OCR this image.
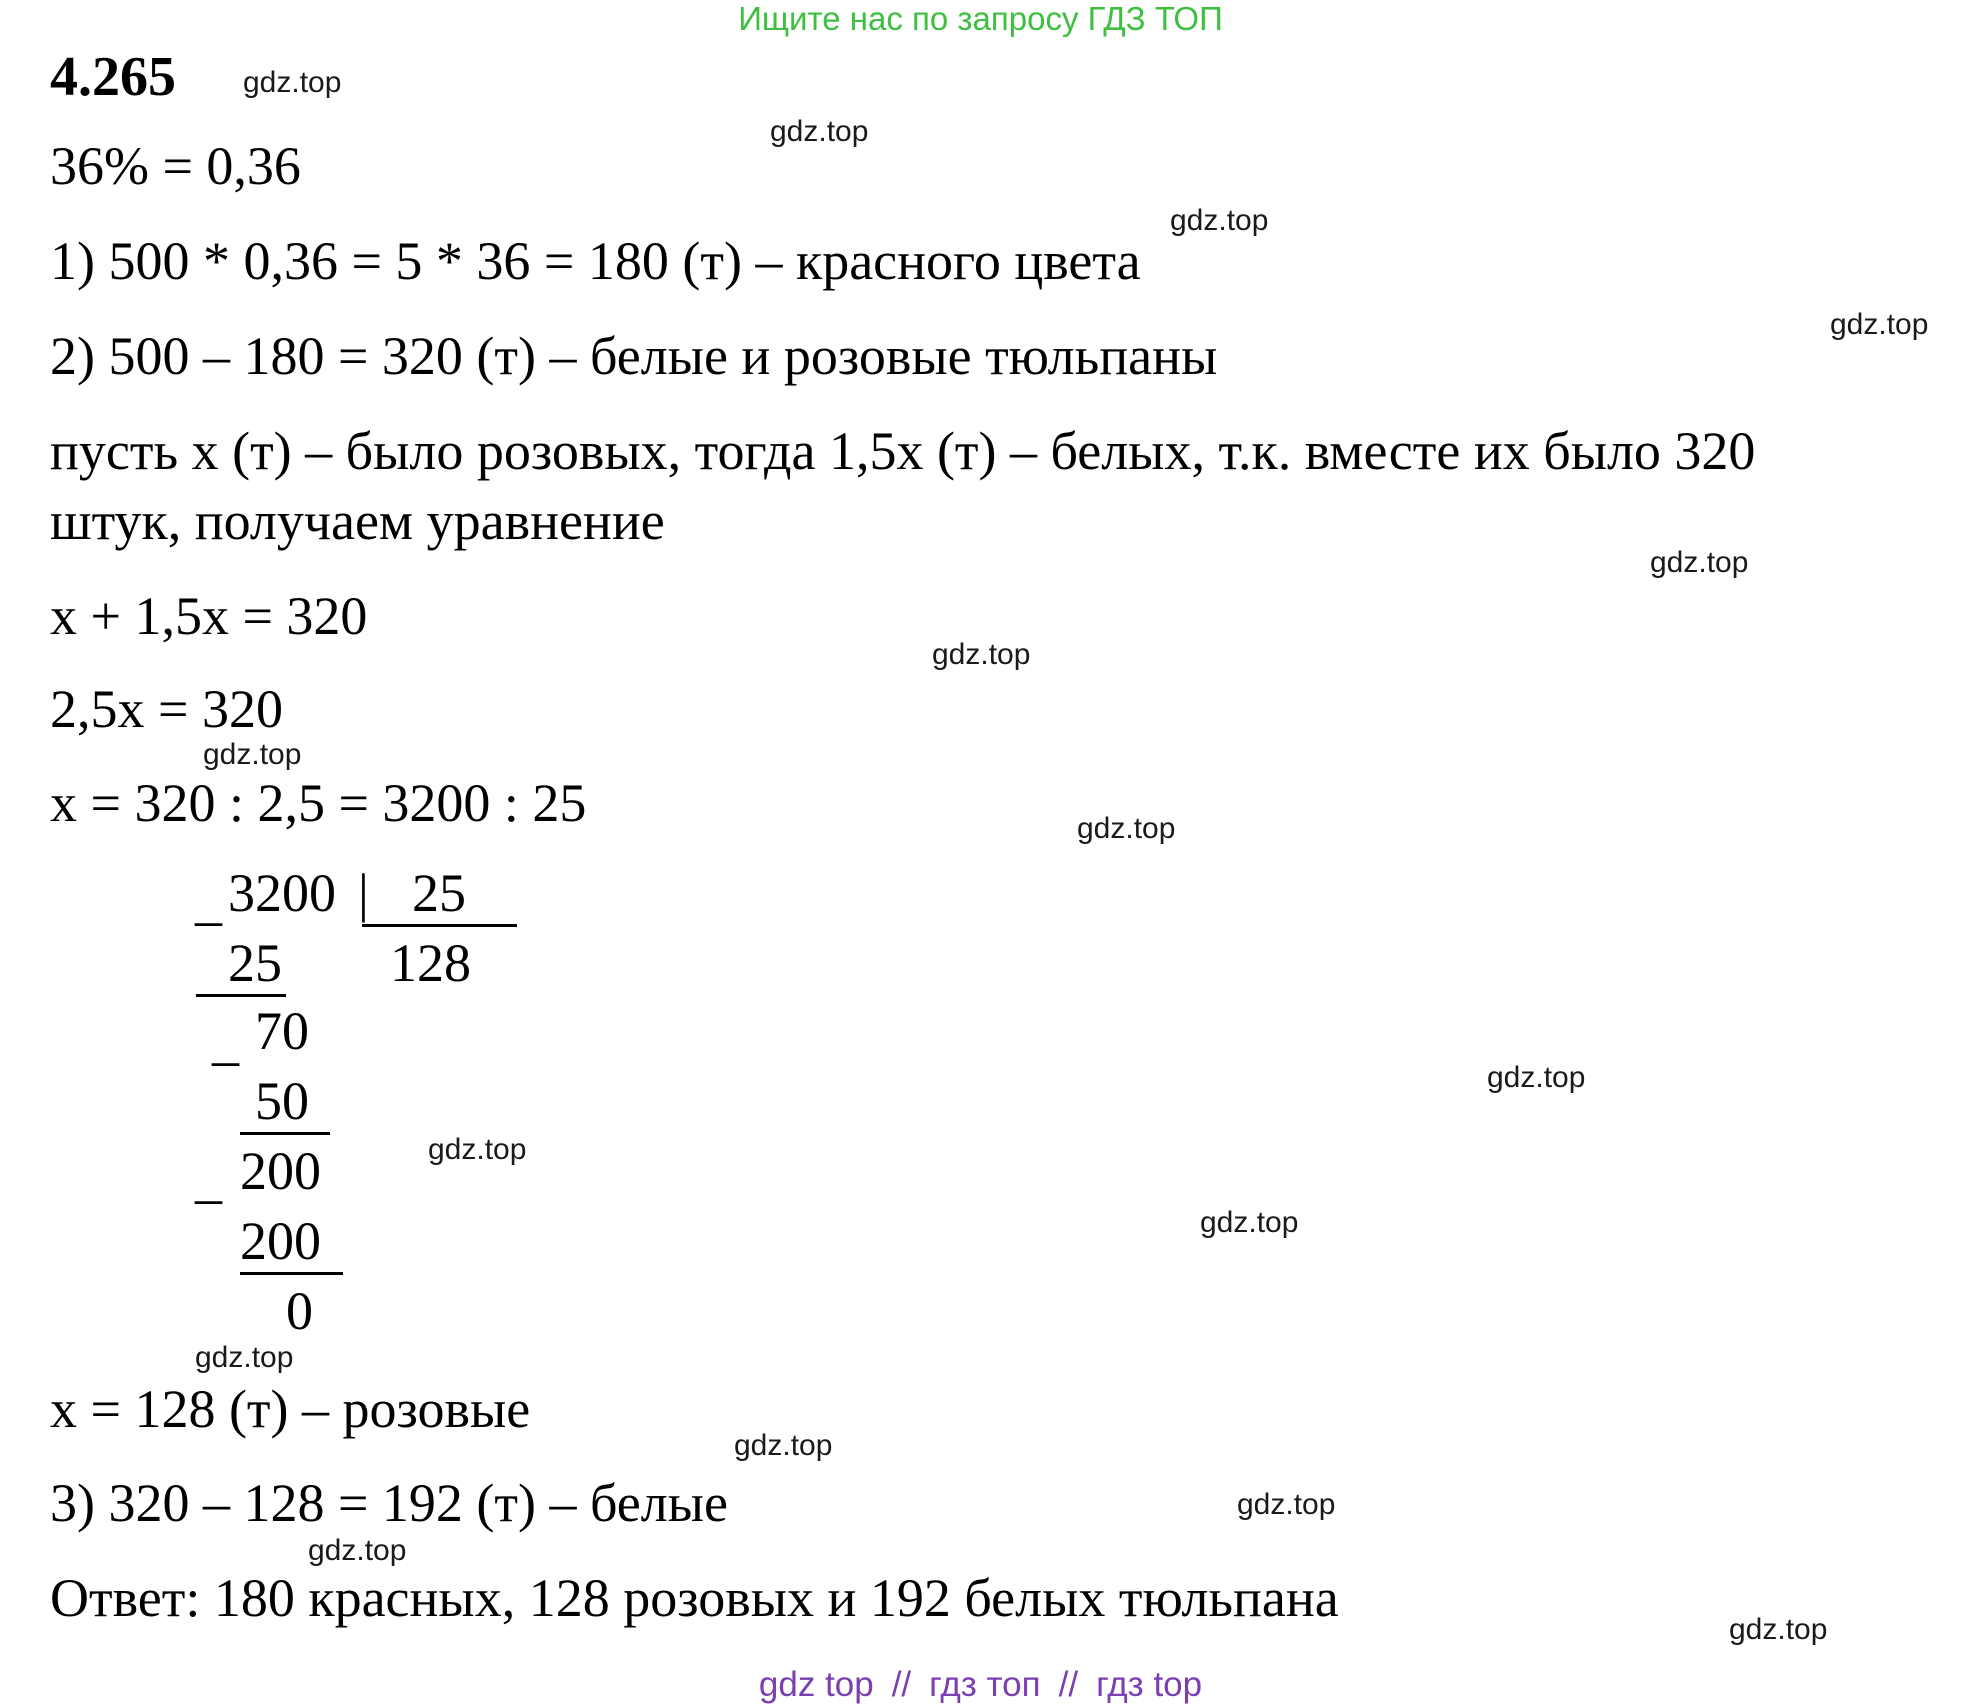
Ищите нас по запросу ГДЗ ТОП
4.265
36% = 0,36
1) 500 * 0,36 = 5 * 36 = 180 (т) – красного цвета
2) 500 – 180 = 320 (т) – белые и розовые тюльпаны
пусть x (т) – было розовых, тогда 1,5x (т) – белых, т.к. вместе их было 320
штук, получаем уравнение
x + 1,5x = 320
2,5x = 320
x = 320 : 2,5 = 3200 : 25
_ 3200 | 25
128
25
_ 70
50
_ 200
200
0
x = 128 (т) – розовые
3) 320 – 128 = 192 (т) – белые
Ответ: 180 красных, 128 розовых и 192 белых тюльпана
gdz.top
gdz.top
gdz.top
gdz.top
gdz.top
gdz.top
gdz.top
gdz.top
gdz.top
gdz.top
gdz.top
gdz.top
gdz.top
gdz.top
gdz.top
gdz.top
gdz top // гдз топ // гдз top
